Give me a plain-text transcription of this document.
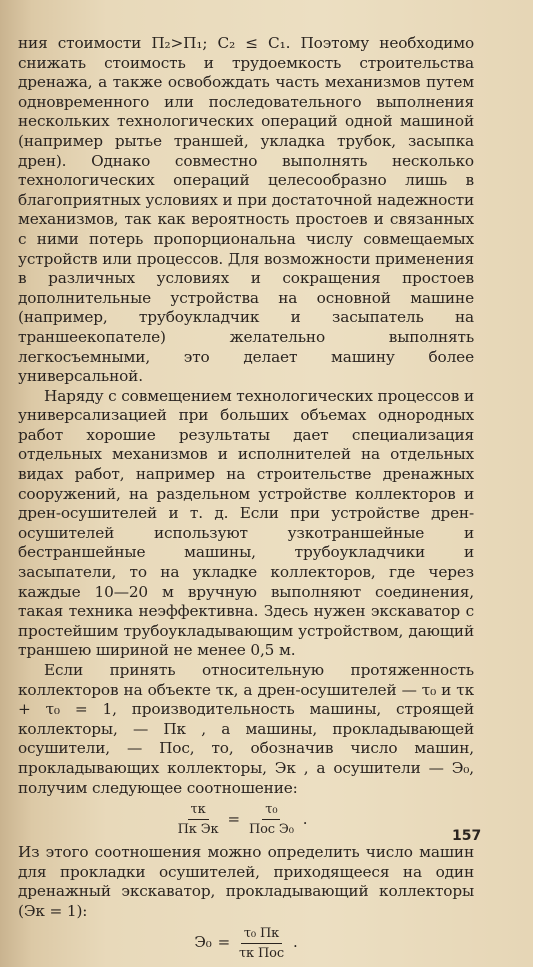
ния стоимости П₂>П₁; С₂ ≤ С₁. Поэтому необходимо снижать стоимость и трудоемкость строительства дренажа, а также освобождать часть механизмов путем одновременного или последовательного выполнения нескольких технологических операций одной машиной (например рытье траншей, укладка трубок, засыпка дрен). Однако совместно выполнять несколько технологических операций целесообразно лишь в благоприятных условиях и при достаточной надежности механизмов, так как вероятность простоев и связанных с ними потерь пропорциональна числу совмещаемых устройств или процессов. Для возможности применения в различных условиях и сокращения простоев дополнительные устройства на основной машине (например, трубоукладчик и засыпатель на траншеекопателе) желательно выполнять легкосъемными, это делает машину более универсальной.

Наряду с совмещением технологических процессов и универсализацией при больших объемах однородных работ хорошие результаты дает специализация отдельных механизмов и исполнителей на отдельных видах работ, например на строительстве дренажных сооружений, на раздельном устройстве коллекторов и дрен-осушителей и т. д. Если при устройстве дрен-осушителей используют узкотраншейные и бестраншейные машины, трубоукладчики и засыпатели, то на укладке коллекторов, где через каждые 10—20 м вручную выполняют соединения, такая техника неэффективна. Здесь нужен экскаватор с простейшим трубоукладывающим устройством, дающий траншею шириной не менее 0,5 м.

Если принять относительную протяженность коллекторов на объекте τк, а дрен-осушителей — τ₀ и τк + τ₀ = 1, производительность машины, строящей коллекторы, — Пк , а машины, прокладывающей осушители, — Пос, то, обозначив число машин, прокладывающих коллекторы, Эк , а осушители — Э₀, получим следующее соотношение:

$\frac{\tau к}{\text{Пк Эк}} = \frac{\text{τ₀}}{\text{Пос Э₀}}$ .

Из этого соотношения можно определить число машин для прокладки осушителей, приходящееся на один дренажный экскаватор, прокладывающий коллекторы (Эк = 1):

$Э_0 = \frac{\text{τ₀ Пк}}{\text{τк Пос}}$ .
157
